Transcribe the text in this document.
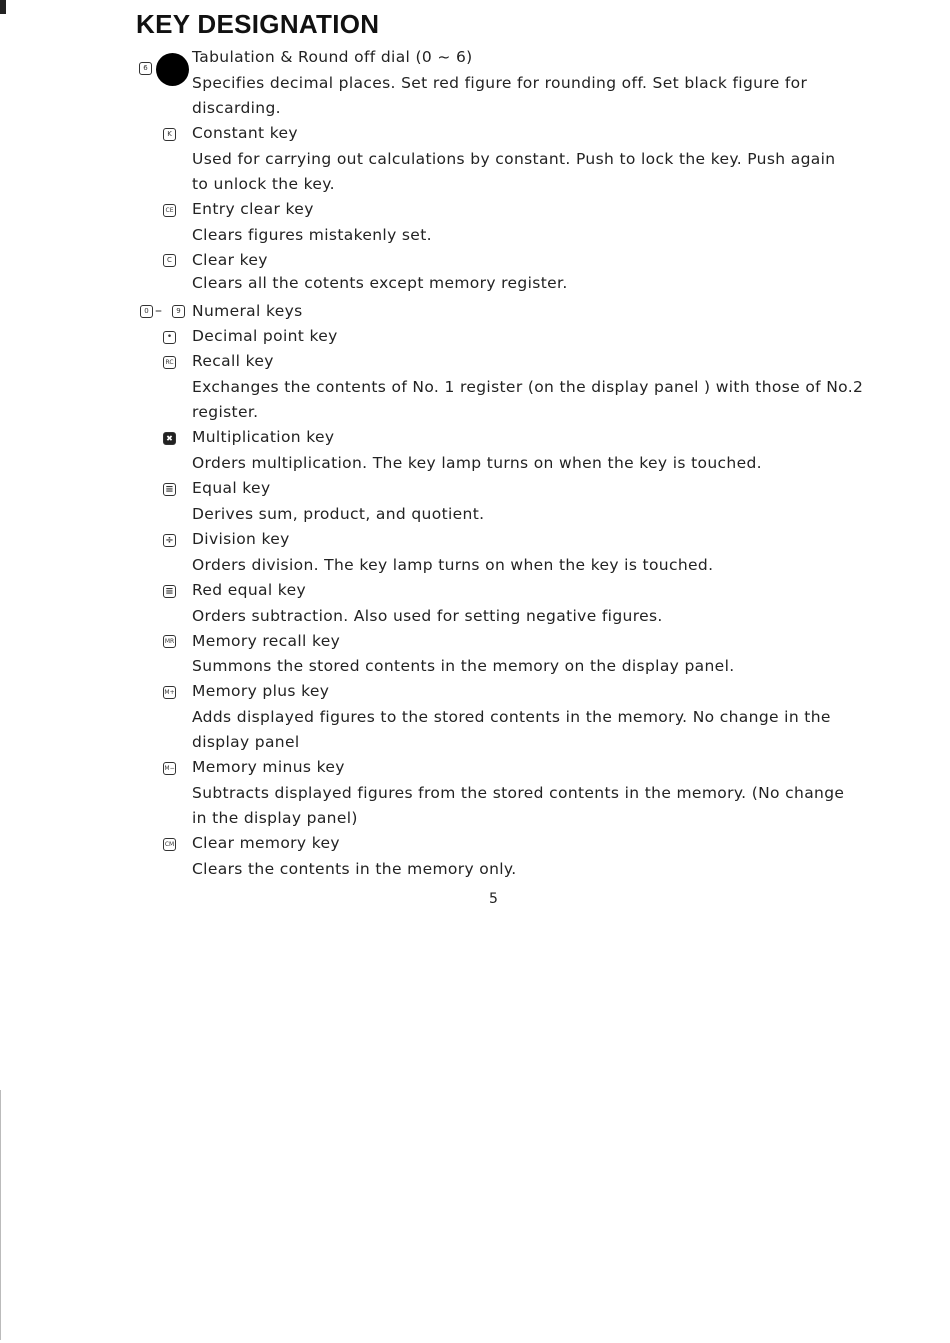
KEY DESIGNATION
6
K
CE
C
0 –	9
•
RC
✖
≡
÷
≡
MR
M+
M−
CM
Tabulation & Round off dial (0 ~ 6)
Specifies decimal places. Set red figure for rounding off. Set black figure for
discarding.
Constant key
Used for carrying out calculations by constant. Push to lock the key. Push again
to unlock the key.
Entry clear key
Clears figures mistakenly set.
Clear key
Clears all the cotents except memory register.
Numeral keys
Decimal point key
Recall key
Exchanges the contents of No. 1 register (on the display panel ) with those of No.2
register.
Multiplication key
Orders multiplication. The key lamp turns on when the key is touched.
Equal key
Derives sum, product, and quotient.
Division key
Orders division. The key lamp turns on when the key is touched.
Red equal key
Orders subtraction. Also used for setting negative figures.
Memory recall key
Summons the stored contents in the memory on the display panel.
Memory plus key
Adds displayed figures to the stored contents in the memory. No change in the
display panel
Memory minus key
Subtracts displayed figures from the stored contents in the memory. (No change
in the display panel)
Clear memory key
Clears the contents in the memory only.
5
